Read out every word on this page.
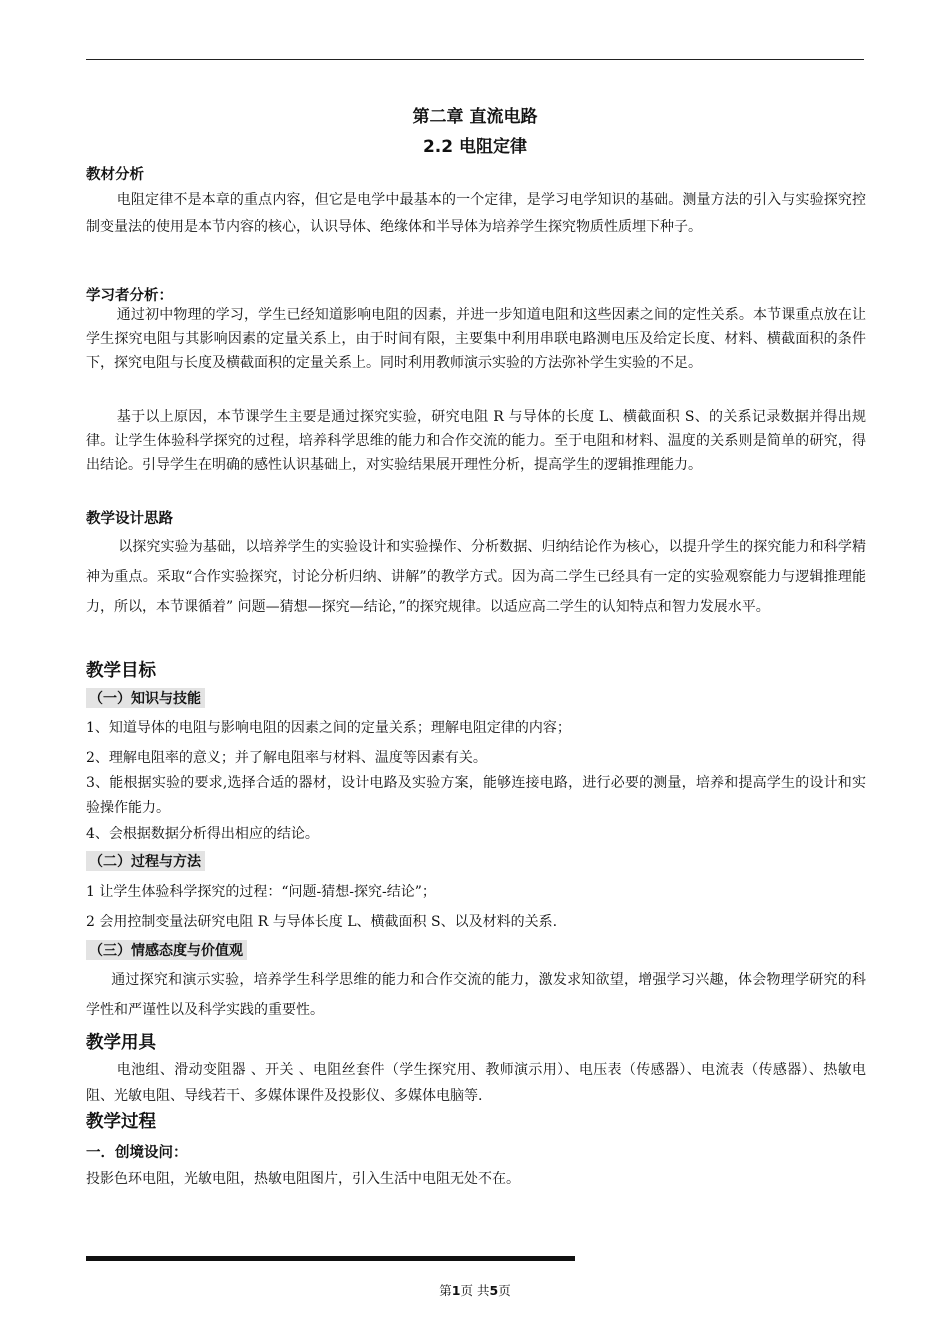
第二章 直流电路
2.2 电阻定律
教材分析

电阻定律不是本章的重点内容，但它是电学中最基本的一个定律，是学习电学知识的基础。测量方法的引入与实验探究控制变量法的使用是本节内容的核心，认识导体、绝缘体和半导体为培养学生探究物质性质埋下种子。

学习者分析：

通过初中物理的学习，学生已经知道影响电阻的因素，并进一步知道电阻和这些因素之间的定性关系。本节课重点放在让学生探究电阻与其影响因素的定量关系上，由于时间有限，主要集中利用串联电路测电压及给定长度、材料、横截面积的条件下，探究电阻与长度及横截面积的定量关系上。同时利用教师演示实验的方法弥补学生实验的不足。

基于以上原因，本节课学生主要是通过探究实验，研究电阻 R 与导体的长度 L、横截面积 S、的关系记录数据并得出规律。让学生体验科学探究的过程，培养科学思维的能力和合作交流的能力。至于电阻和材料、温度的关系则是简单的研究，得出结论。引导学生在明确的感性认识基础上，对实验结果展开理性分析，提高学生的逻辑推理能力。

教学设计思路

以探究实验为基础，以培养学生的实验设计和实验操作、分析数据、归纳结论作为核心，以提升学生的探究能力和科学精神为重点。采取“合作实验探究，讨论分析归纳、讲解”的教学方式。因为高二学生已经具有一定的实验观察能力与逻辑推理能力，所以，本节课循着” 问题—猜想—探究—结论，”的探究规律。以适应高二学生的认知特点和智力发展水平。

教学目标
（一）知识与技能
1、知道导体的电阻与影响电阻的因素之间的定量关系；理解电阻定律的内容；
2、理解电阻率的意义；并了解电阻率与材料、温度等因素有关。

3、能根据实验的要求,选择合适的器材，设计电路及实验方案，能够连接电路，进行必要的测量，培养和提高学生的设计和实验操作能力。

4、会根据数据分析得出相应的结论。
（二）过程与方法
1 让学生体验科学探究的过程：“问题-猜想-探究-结论”；
2 会用控制变量法研究电阻 R 与导体长度 L、横截面积 S、以及材料的关系.
（三）情感态度与价值观

通过探究和演示实验，培养学生科学思维的能力和合作交流的能力，激发求知欲望，增强学习兴趣，体会物理学研究的科学性和严谨性以及科学实践的重要性。

教学用具

电池组、滑动变阻器 、开关 、电阻丝套件（学生探究用、教师演示用）、电压表（传感器）、电流表（传感器）、热敏电阻、光敏电阻、导线若干、多媒体课件及投影仪、多媒体电脑等.

教学过程
一．创境设问：
投影色环电阻，光敏电阻，热敏电阻图片，引入生活中电阻无处不在。
第1页 共5页
